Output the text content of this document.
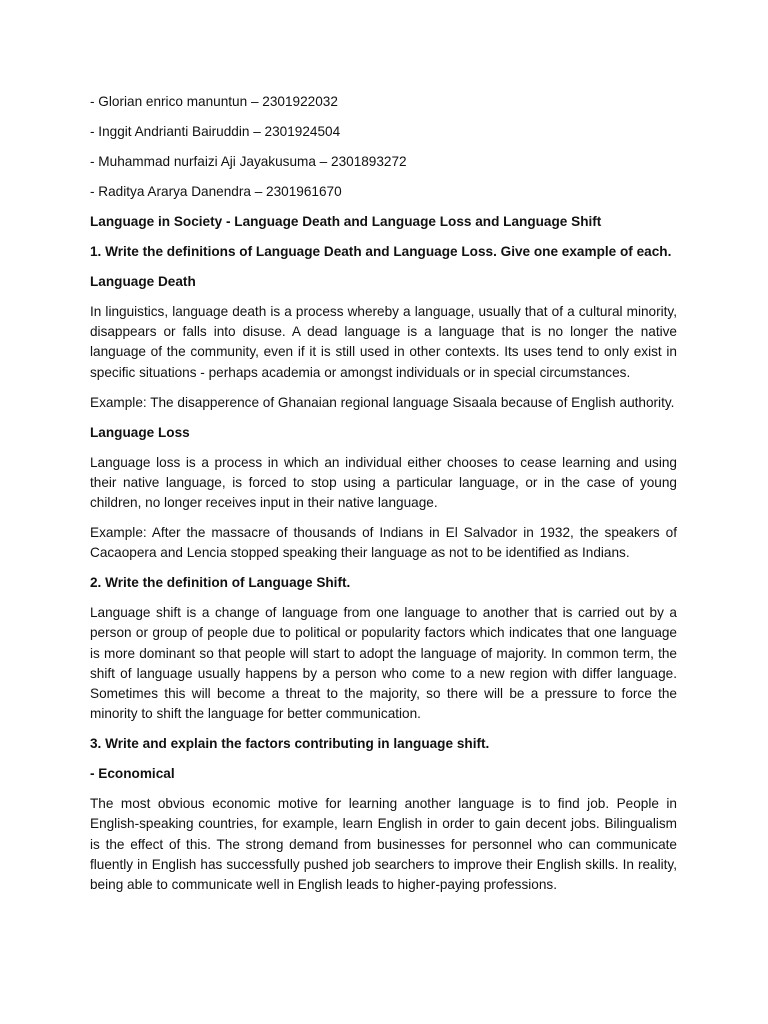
- Glorian enrico manuntun – 2301922032

- Inggit Andrianti Bairuddin – 2301924504

- Muhammad nurfaizi Aji Jayakusuma – 2301893272

- Raditya Ararya Danendra – 2301961670

Language in Society - Language Death and Language Loss and Language Shift

1. Write the definitions of Language Death and Language Loss. Give one example of each.

Language Death

In linguistics, language death is a process whereby a language, usually that of a cultural minority, disappears or falls into disuse. A dead language is a language that is no longer the native language of the community, even if it is still used in other contexts. Its uses tend to only exist in specific situations - perhaps academia or amongst individuals or in special circumstances.

Example: The disapperence of Ghanaian regional language Sisaala because of English authority.

Language Loss

Language loss is a process in which an individual either chooses to cease learning and using their native language, is forced to stop using a particular language, or in the case of young children, no longer receives input in their native language.

Example: After the massacre of thousands of Indians in El Salvador in 1932, the speakers of Cacaopera and Lencia stopped speaking their language as not to be identified as Indians.

2. Write the definition of Language Shift.

Language shift is a change of language from one language to another that is carried out by a person or group of people due to political or popularity factors which indicates that one language is more dominant so that people will start to adopt the language of majority. In common term, the shift of language usually happens by a person who come to a new region with differ language. Sometimes this will become a threat to the majority, so there will be a pressure to force the minority to shift the language for better communication.

3. Write and explain the factors contributing in language shift.

- Economical

The most obvious economic motive for learning another language is to find job. People in English-speaking countries, for example, learn English in order to gain decent jobs. Bilingualism is the effect of this. The strong demand from businesses for personnel who can communicate fluently in English has successfully pushed job searchers to improve their English skills. In reality, being able to communicate well in English leads to higher-paying professions.
